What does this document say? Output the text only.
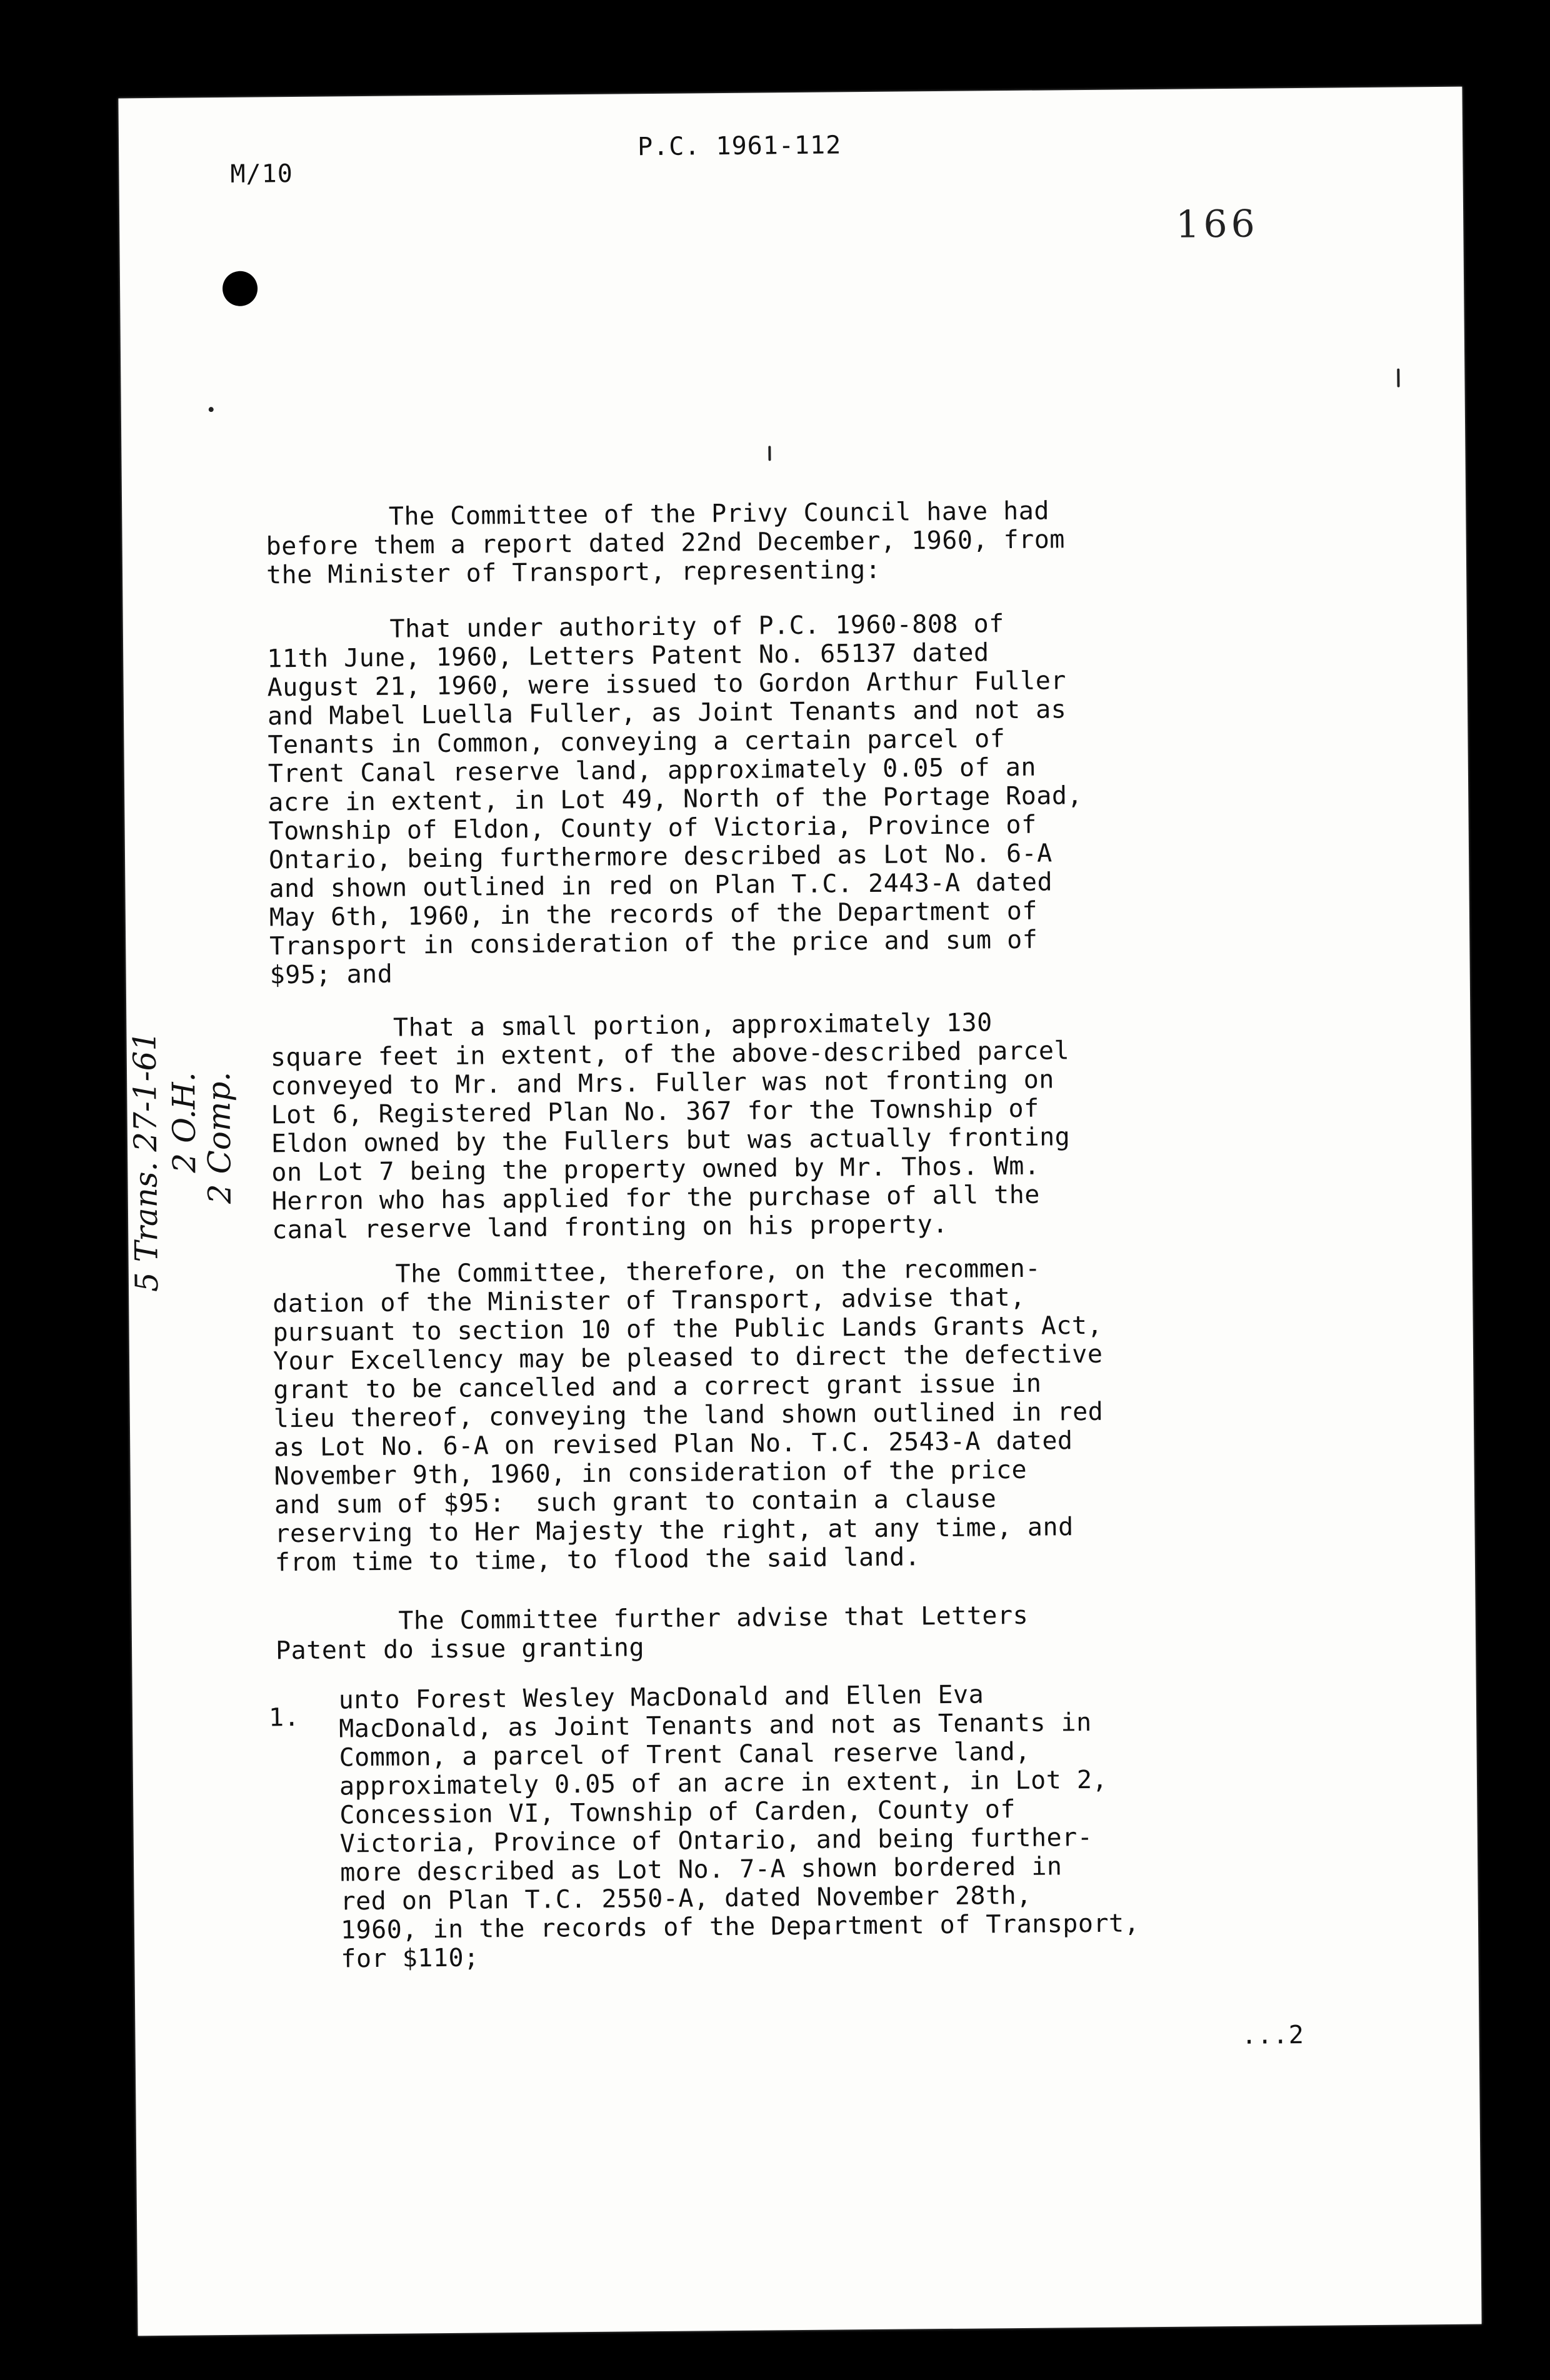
M/10
P.C. 1961-112
166
5 Trans. 27-1-61 2 O.H.
2 Comp.
The Committee of the Privy Council have had
before them a report dated 22nd December, 1960, from
the Minister of Transport, representing:
That under authority of P.C. 1960-808 of
11th June, 1960, Letters Patent No. 65137 dated
August 21, 1960, were issued to Gordon Arthur Fuller
and Mabel Luella Fuller, as Joint Tenants and not as
Tenants in Common, conveying a certain parcel of
Trent Canal reserve land, approximately 0.05 of an
acre in extent, in Lot 49, North of the Portage Road,
Township of Eldon, County of Victoria, Province of
Ontario, being furthermore described as Lot No. 6-A
and shown outlined in red on Plan T.C. 2443-A dated
May 6th, 1960, in the records of the Department of
Transport in consideration of the price and sum of
$95; and
That a small portion, approximately 130
square feet in extent, of the above-described parcel
conveyed to Mr. and Mrs. Fuller was not fronting on
Lot 6, Registered Plan No. 367 for the Township of
Eldon owned by the Fullers but was actually fronting
on Lot 7 being the property owned by Mr. Thos. Wm.
Herron who has applied for the purchase of all the
canal reserve land fronting on his property.
The Committee, therefore, on the recommen-
dation of the Minister of Transport, advise that,
pursuant to section 10 of the Public Lands Grants Act,
Your Excellency may be pleased to direct the defective
grant to be cancelled and a correct grant issue in
lieu thereof, conveying the land shown outlined in red
as Lot No. 6-A on revised Plan No. T.C. 2543-A dated
November 9th, 1960, in consideration of the price
and sum of $95:  such grant to contain a clause
reserving to Her Majesty the right, at any time, and
from time to time, to flood the said land.
The Committee further advise that Letters
Patent do issue granting
unto Forest Wesley MacDonald and Ellen Eva
MacDonald, as Joint Tenants and not as Tenants in
Common, a parcel of Trent Canal reserve land,
approximately 0.05 of an acre in extent, in Lot 2,
Concession VI, Township of Carden, County of
Victoria, Province of Ontario, and being further-
more described as Lot No. 7-A shown bordered in
red on Plan T.C. 2550-A, dated November 28th,
1960, in the records of the Department of Transport,
for $110;
1.
...2
